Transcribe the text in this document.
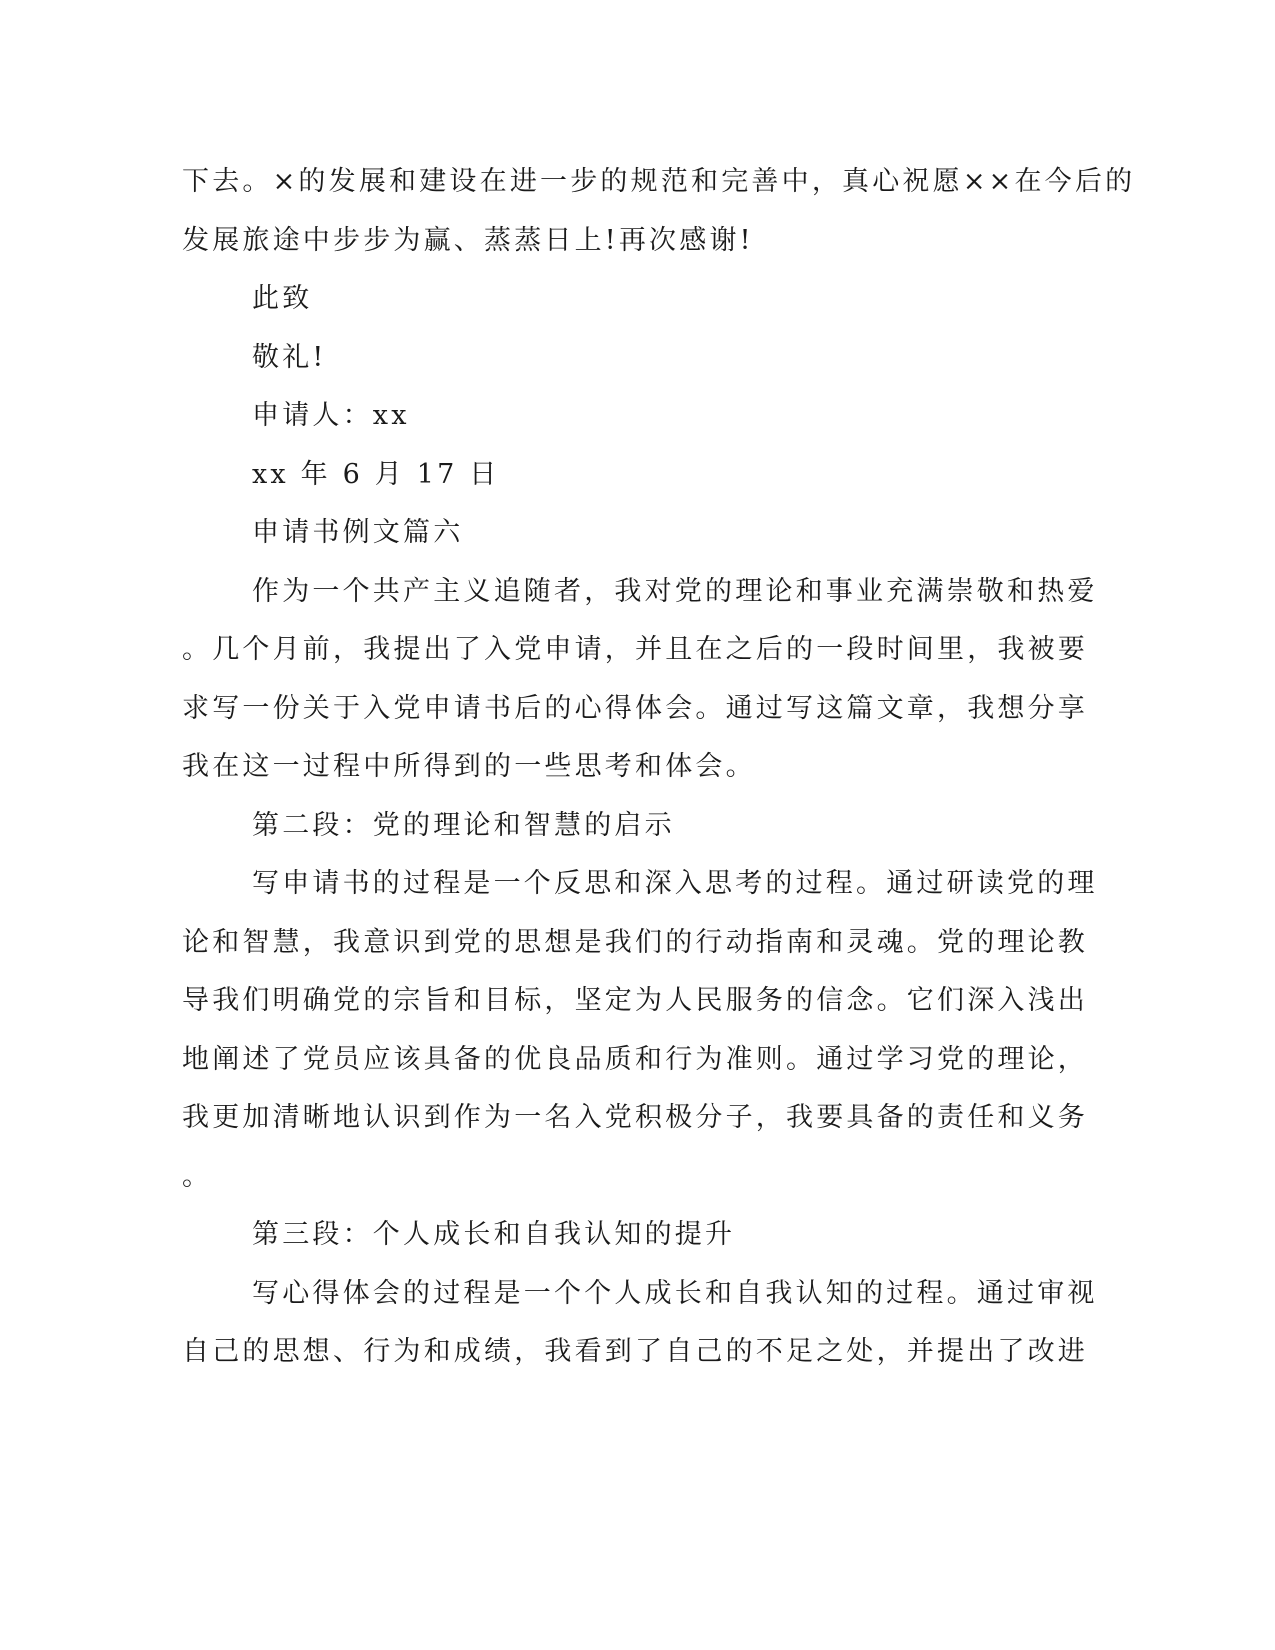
下去。×的发展和建设在进一步的规范和完善中，真心祝愿××在今后的
发展旅途中步步为赢、蒸蒸日上!再次感谢!
此致
敬礼!
申请人：xx
xx 年 6 月 17 日
申请书例文篇六
作为一个共产主义追随者，我对党的理论和事业充满崇敬和热爱
。几个月前，我提出了入党申请，并且在之后的一段时间里，我被要
求写一份关于入党申请书后的心得体会。通过写这篇文章，我想分享
我在这一过程中所得到的一些思考和体会。
第二段：党的理论和智慧的启示
写申请书的过程是一个反思和深入思考的过程。通过研读党的理
论和智慧，我意识到党的思想是我们的行动指南和灵魂。党的理论教
导我们明确党的宗旨和目标，坚定为人民服务的信念。它们深入浅出
地阐述了党员应该具备的优良品质和行为准则。通过学习党的理论，
我更加清晰地认识到作为一名入党积极分子，我要具备的责任和义务
。
第三段：个人成长和自我认知的提升
写心得体会的过程是一个个人成长和自我认知的过程。通过审视
自己的思想、行为和成绩，我看到了自己的不足之处，并提出了改进
